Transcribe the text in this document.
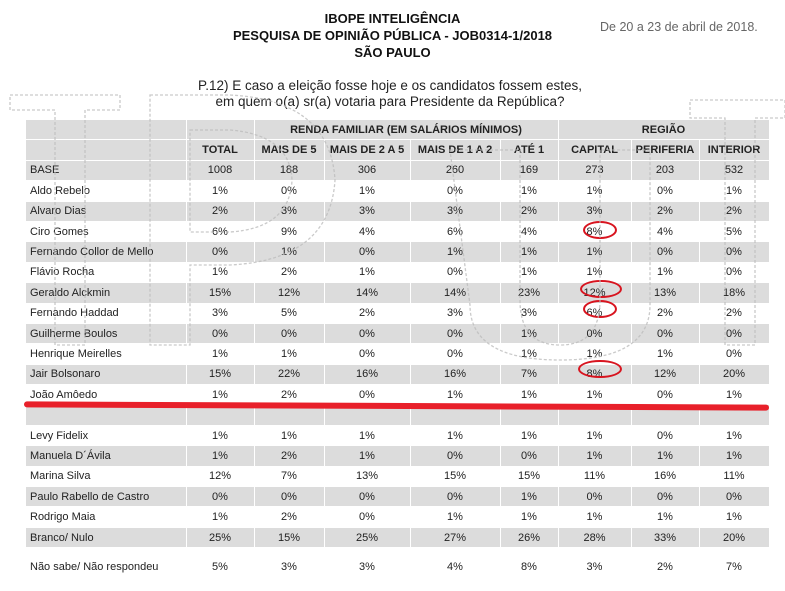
IBOPE INTELIGÊNCIA
PESQUISA DE OPINIÃO PÚBLICA - JOB0314-1/2018
SÃO PAULO
De 20 a 23 de abril de 2018.
P.12) E caso a eleição fosse hoje e os candidatos fossem estes,
em quem o(a) sr(a) votaria para Presidente da República?
		RENDA FAMILIAR (EM SALÁRIOS MÍNIMOS)				REGIÃO		
	TOTAL	MAIS DE 5	MAIS DE 2 A 5	MAIS DE 1 A 2	ATÉ 1	CAPITAL	PERIFERIA	INTERIOR
BASE	1008	188	306	260	169	273	203	532
Aldo Rebelo	1%	0%	1%	0%	1%	1%	0%	1%
Alvaro Dias	2%	3%	3%	3%	2%	3%	2%	2%
Ciro Gomes	6%	9%	4%	6%	4%	8%	4%	5%
Fernando Collor de Mello	0%	1%	0%	1%	1%	1%	0%	0%
Flávio Rocha	1%	2%	1%	0%	1%	1%	1%	0%
Geraldo Alckmin	15%	12%	14%	14%	23%	12%	13%	18%
Fernando Haddad	3%	5%	2%	3%	3%	6%	2%	2%
Guilherme Boulos	0%	0%	0%	0%	1%	0%	0%	0%
Henrique Meirelles	1%	1%	0%	0%	1%	1%	1%	0%
Jair Bolsonaro	15%	22%	16%	16%	7%	8%	12%	20%
João Amôedo	1%	2%	0%	1%	1%	1%	0%	1%

Levy Fidelix	1%	1%	1%	1%	1%	1%	0%	1%
Manuela D´Ávila	1%	2%	1%	0%	0%	1%	1%	1%
Marina Silva	12%	7%	13%	15%	15%	11%	16%	11%
Paulo Rabello de Castro	0%	0%	0%	0%	1%	0%	0%	0%
Rodrigo Maia	1%	2%	0%	1%	1%	1%	1%	1%
Branco/ Nulo	25%	15%	25%	27%	26%	28%	33%	20%
Não sabe/ Não respondeu	5%	3%	3%	4%	8%	3%	2%	7%
